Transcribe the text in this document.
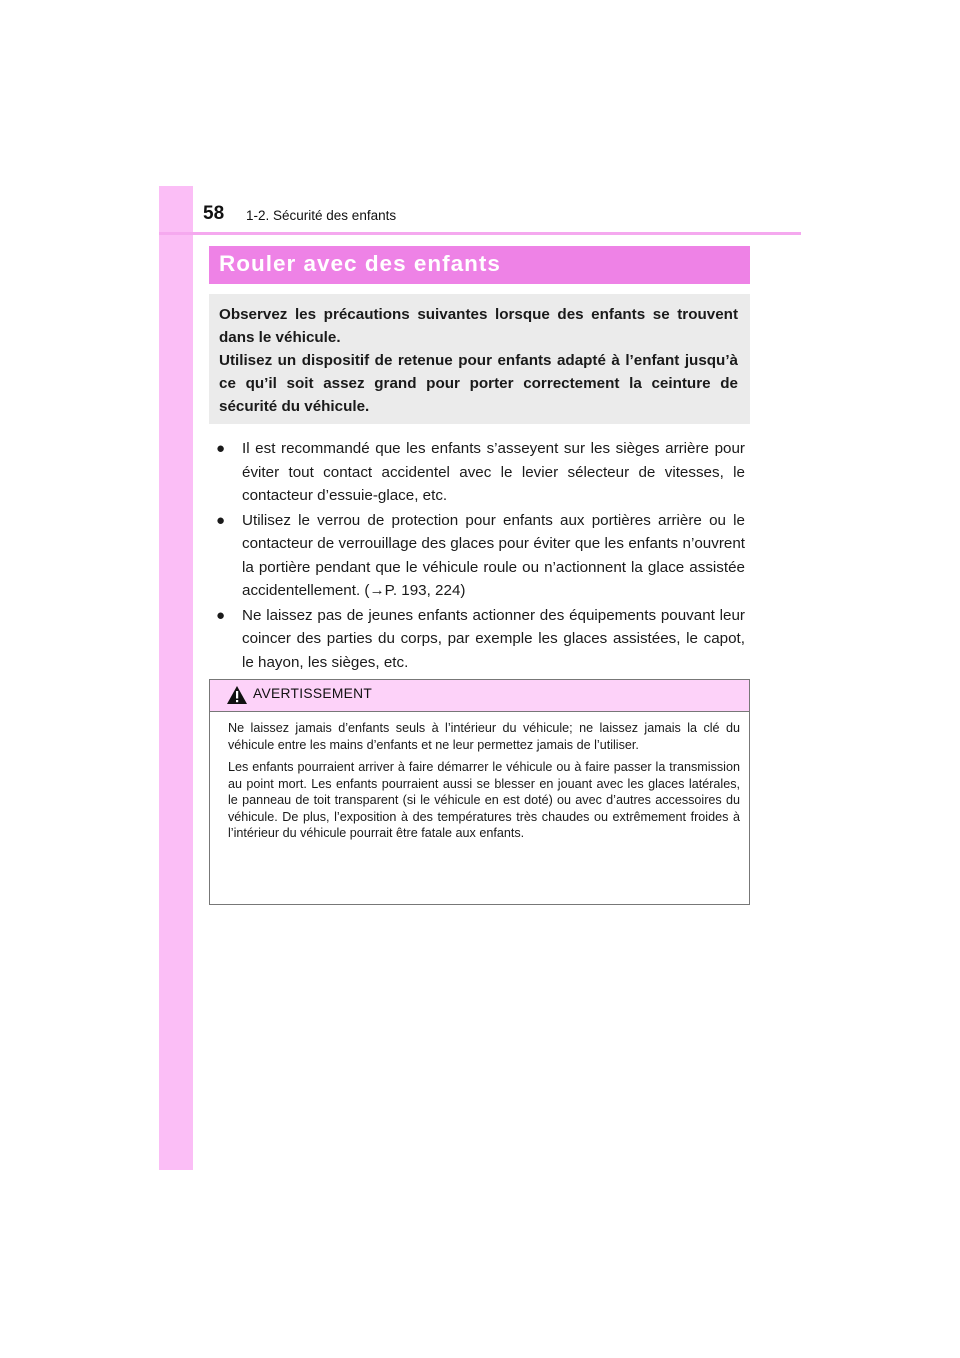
58 1-2. Sécurité des enfants
Rouler avec des enfants

Observez les précautions suivantes lorsque des enfants se trouvent dans le véhicule.

Utilisez un dispositif de retenue pour enfants adapté à l’enfant jusqu’à ce qu’il soit assez grand pour porter correctement la ceinture de sécurité du véhicule.

● Il est recommandé que les enfants s’asseyent sur les sièges arrière pour éviter tout contact accidentel avec le levier sélecteur de vitesses, le contacteur d’essuie-glace, etc.
● Utilisez le verrou de protection pour enfants aux portières arrière ou le contacteur de verrouillage des glaces pour éviter que les enfants n’ouvrent la portière pendant que le véhicule roule ou n’actionnent la glace assistée accidentellement. (→P. 193, 224)
● Ne laissez pas de jeunes enfants actionner des équipements pouvant leur coincer des parties du corps, par exemple les glaces assistées, le capot, le hayon, les sièges, etc.
AVERTISSEMENT

Ne laissez jamais d’enfants seuls à l’intérieur du véhicule; ne laissez jamais la clé du véhicule entre les mains d’enfants et ne leur permettez jamais de l’utiliser.

Les enfants pourraient arriver à faire démarrer le véhicule ou à faire passer la transmission au point mort. Les enfants pourraient aussi se blesser en jouant avec les glaces latérales, le panneau de toit transparent (si le véhicule en est doté) ou avec d’autres accessoires du véhicule. De plus, l’exposition à des températures très chaudes ou extrêmement froides à l’intérieur du véhicule pourrait être fatale aux enfants.
